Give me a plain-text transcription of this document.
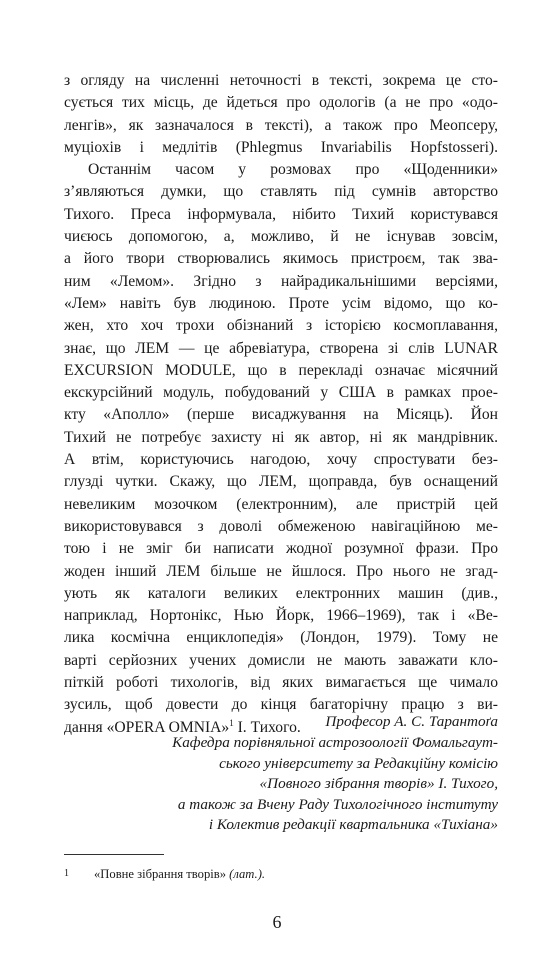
з огляду на численні неточності в тексті, зокрема це сто-
сується тих місць, де йдеться про одологів (а не про «одо-
ленгів», як зазначалося в тексті), а також про Меопсеру,
муціохів і медлітів (Phlegmus Invariabilis Hopfstosseri).
Останнім часом у розмовах про «Щоденники»
з’являються думки, що ставлять під сумнів авторство
Тихого. Преса інформувала, нібито Тихий користувався
чиєюсь допомогою, а, можливо, й не існував зовсім,
а його твори створювались якимось пристроєм, так зва-
ним «Лемом». Згідно з найрадикальнішими версіями,
«Лем» навіть був людиною. Проте усім відомо, що ко-
жен, хто хоч трохи обізнаний з історією космоплавання,
знає, що ЛЕМ — це абревіатура, створена зі слів LUNAR
EXCURSION MODULE, що в перекладі означає місячний
екскурсійний модуль, побудований у США в рамках прое-
кту «Аполло» (перше висаджування на Місяць). Йон
Тихий не потребує захисту ні як автор, ні як мандрівник.
А втім, користуючись нагодою, хочу спростувати без-
глузді чутки. Скажу, що ЛЕМ, щоправда, був оснащений
невеликим мозочком (електронним), але пристрій цей
використовувався з доволі обмеженою навігаційною ме-
тою і не зміг би написати жодної розумної фрази. Про
жоден інший ЛЕМ більше не йшлося. Про нього не згад-
ують як каталоги великих електронних машин (див.,
наприклад, Нортонікс, Нью Йорк, 1966–1969), так і «Ве-
лика космічна енциклопедія» (Лондон, 1979). Тому не
варті серйозних учених домисли не мають заважати кло-
піткій роботі тихологів, від яких вимагається ще чимало
зусиль, щоб довести до кінця багаторічну працю з ви-
дання «OPERA OMNIA»$^1$ І. Тихого.	Професор А. С. Тарантоґа
Кафедра порівняльної астрозоології Фомальгаут-
ського університету за Редакційну комісію
«Повного зібрання творів» І. Тихого,
а також за Вчену Раду Тихологічного інституту
і Колектив редакції квартальника «Тихіана»
1 «Повне зібрання творів» (лат.).
6
